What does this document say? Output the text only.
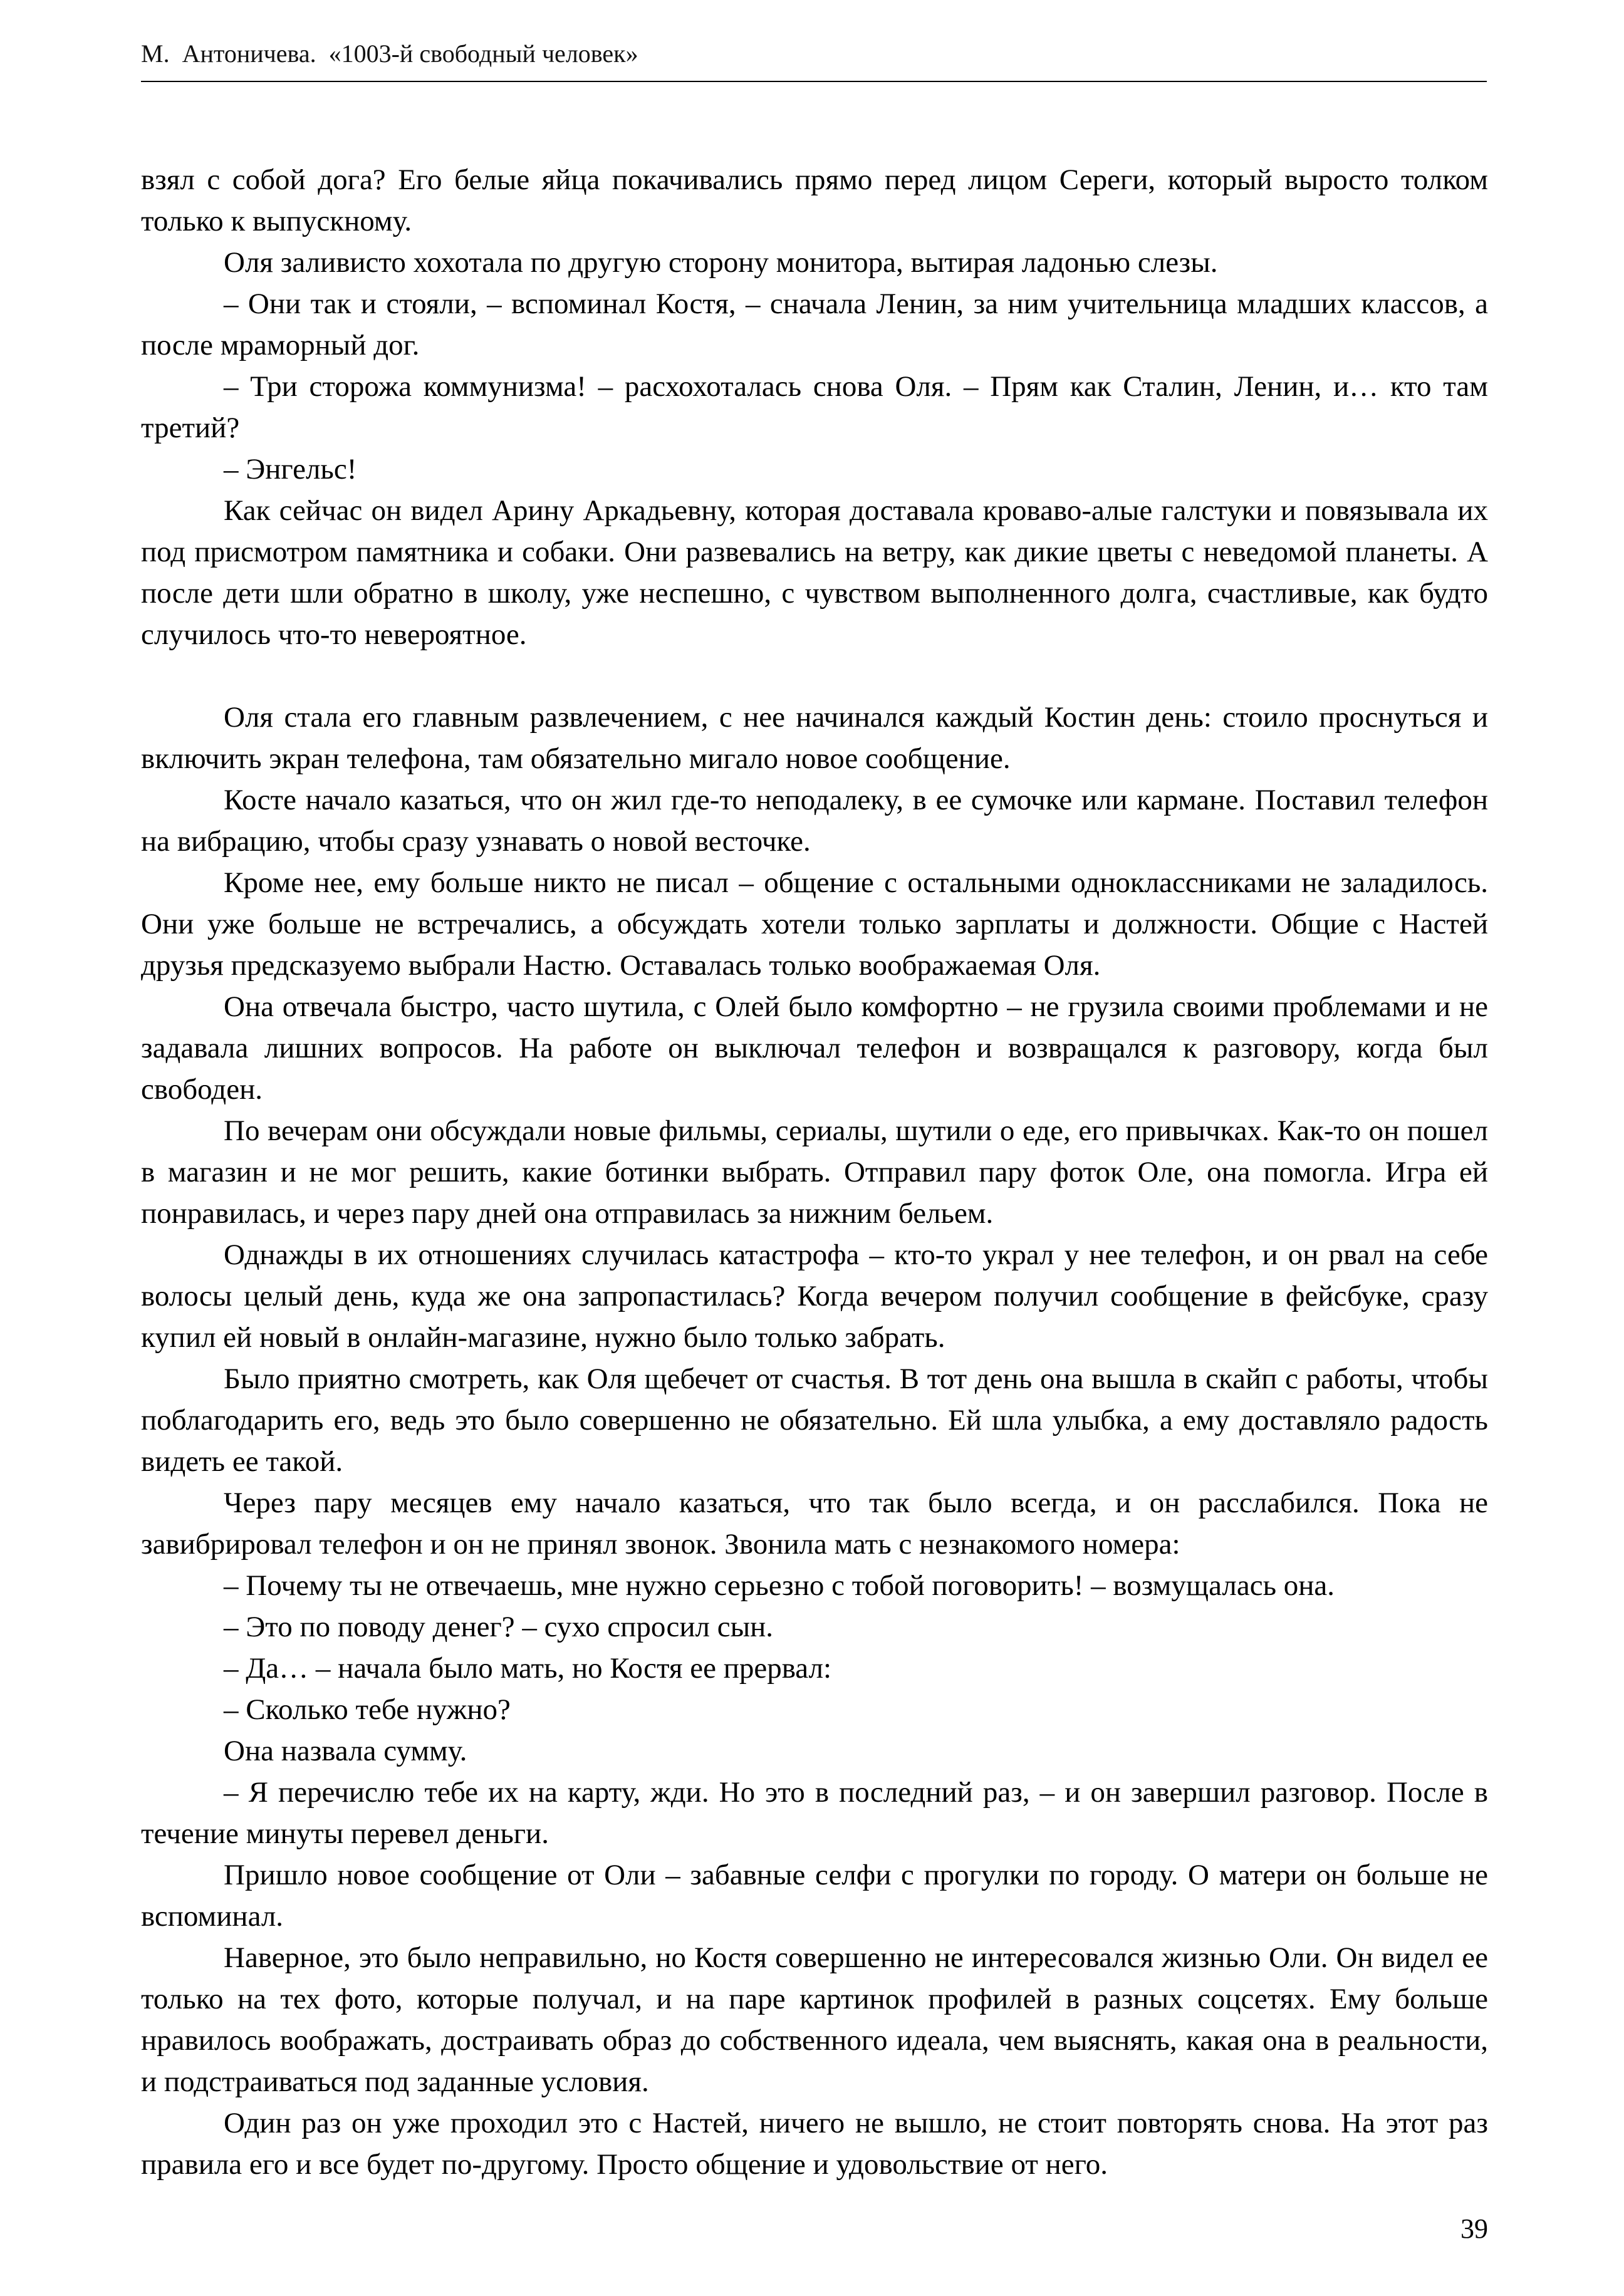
М.  Антоничева.  «1003-й свободный человек»

взял с собой дога? Его белые яйца покачивались прямо перед лицом Сереги, который выросто толком только к выпускному.

Оля заливисто хохотала по другую сторону монитора, вытирая ладонью слезы.

– Они так и стояли, – вспоминал Костя, – сначала Ленин, за ним учительница младших классов, а после мраморный дог.

– Три сторожа коммунизма! – расхохоталась снова Оля. – Прям как Сталин, Ленин, и… кто там третий?

– Энгельс!

Как сейчас он видел Арину Аркадьевну, которая доставала кроваво-алые галстуки и повязывала их под присмотром памятника и собаки. Они развевались на ветру, как дикие цветы с неведомой планеты. А после дети шли обратно в школу, уже неспешно, с чувством выполненного долга, счастливые, как будто случилось что-то невероятное.

Оля стала его главным развлечением, с нее начинался каждый Костин день: стоило проснуться и включить экран телефона, там обязательно мигало новое сообщение.

Косте начало казаться, что он жил где-то неподалеку, в ее сумочке или кармане. Поставил телефон на вибрацию, чтобы сразу узнавать о новой весточке.

Кроме нее, ему больше никто не писал – общение с остальными одноклассниками не заладилось. Они уже больше не встречались, а обсуждать хотели только зарплаты и должности. Общие с Настей друзья предсказуемо выбрали Настю. Оставалась только воображаемая Оля.

Она отвечала быстро, часто шутила, с Олей было комфортно – не грузила своими проблемами и не задавала лишних вопросов. На работе он выключал телефон и возвращался к разговору, когда был свободен.

По вечерам они обсуждали новые фильмы, сериалы, шутили о еде, его привычках. Как-то он пошел в магазин и не мог решить, какие ботинки выбрать. Отправил пару фоток Оле, она помогла. Игра ей понравилась, и через пару дней она отправилась за нижним бельем.

Однажды в их отношениях случилась катастрофа – кто-то украл у нее телефон, и он рвал на себе волосы целый день, куда же она запропастилась? Когда вечером получил сообщение в фейсбуке, сразу купил ей новый в онлайн-магазине, нужно было только забрать.

Было приятно смотреть, как Оля щебечет от счастья. В тот день она вышла в скайп с работы, чтобы поблагодарить его, ведь это было совершенно не обязательно. Ей шла улыбка, а ему доставляло радость видеть ее такой.

Через пару месяцев ему начало казаться, что так было всегда, и он расслабился. Пока не завибрировал телефон и он не принял звонок. Звонила мать с незнакомого номера:

– Почему ты не отвечаешь, мне нужно серьезно с тобой поговорить! – возмущалась она.

– Это по поводу денег? – сухо спросил сын.

– Да… – начала было мать, но Костя ее прервал:

– Сколько тебе нужно?

Она назвала сумму.

– Я перечислю тебе их на карту, жди. Но это в последний раз, – и он завершил разговор. После в течение минуты перевел деньги.

Пришло новое сообщение от Оли – забавные селфи с прогулки по городу. О матери он больше не вспоминал.

Наверное, это было неправильно, но Костя совершенно не интересовался жизнью Оли. Он видел ее только на тех фото, которые получал, и на паре картинок профилей в разных соцсетях. Ему больше нравилось воображать, достраивать образ до собственного идеала, чем выяснять, какая она в реальности, и подстраиваться под заданные условия.

Один раз он уже проходил это с Настей, ничего не вышло, не стоит повторять снова. На этот раз правила его и все будет по-другому. Просто общение и удовольствие от него.

39
